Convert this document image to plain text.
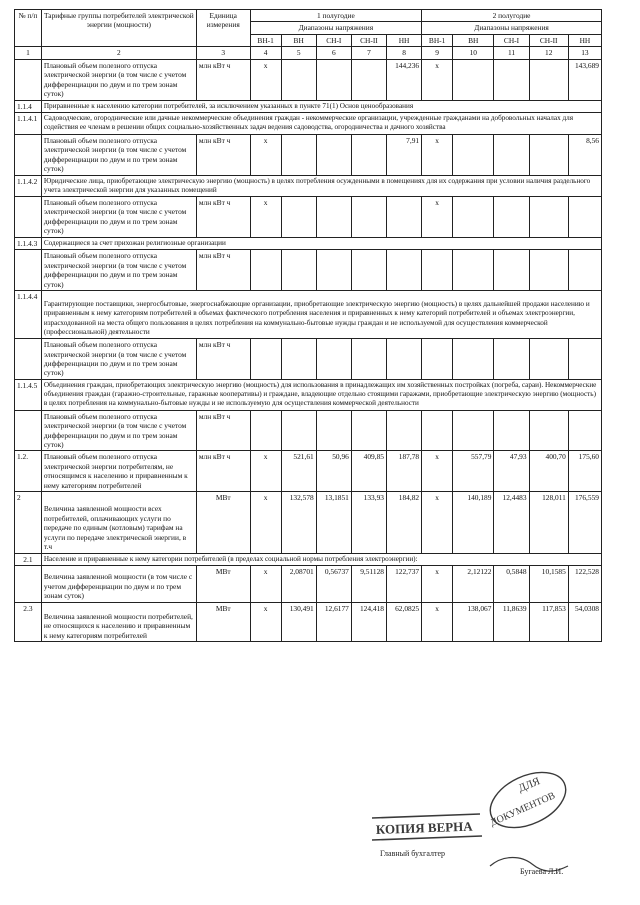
№ п/п	Тарифные группы потребителей электрической энергии (мощности)	Единица измерения	1 полугодие					2 полугодие				
			Диапазоны напряжения					Диапазоны напряжения				
			ВН-1	ВН	СН-I	СН-II	НН	ВН-1	ВН	СН-I	СН-II	НН
1	2	3	4	5	6	7	8	9	10	11	12	13
	Плановый объем полезного отпуска электрической энергии (в том числе с учетом дифференциации по двум и по трем зонам суток)	млн кВт ч	х				144,236	х				143,689
1.1.4	Приравненные к населению категории потребителей, за исключением указанных в пункте 71(1) Основ ценообразования											
1.1.4.1	Садоводческие, огороднические или дачные некоммерческие объединения граждан - некоммерческие организации, учрежденные гражданами на добровольных началах для содействия ее членам в решении общих социально-хозяйственных задач ведения садоводства, огородничества и дачного хозяйства											
	Плановый объем полезного отпуска электрической энергии (в том числе с учетом дифференциации по двум и по трем зонам суток)	млн кВт ч	х				7,91	х				8,56
1.1.4.2	Юридические лица, приобретающие электрическую энергию (мощность) в целях потребления осужденными в помещениях для их содержания при условии наличия раздельного учета электрической энергии для указанных помещений											
	Плановый объем полезного отпуска электрической энергии (в том числе с учетом дифференциации по двум и по трем зонам суток)	млн кВт ч	х					х				
1.1.4.3	Содержащиеся за счет прихожан религиозные организации											
	Плановый объем полезного отпуска электрической энергии (в том числе с учетом дифференциации по двум и по трем зонам суток)	млн кВт ч										
1.1.4.4	Гарантирующие поставщики, энергосбытовые, энергоснабжающие организации, приобретающие электрическую энергию (мощность) в целях дальнейшей продажи населению и приравненным к нему категориям потребителей в объемах фактического потребления населения и приравненных к нему категорий потребителей и объемах электроэнергии, израсходованной на места общего пользования в целях потребления на коммунально-бытовые нужды граждан и не используемой для осуществления коммерческой (профессиональной) деятельности											
	Плановый объем полезного отпуска электрической энергии (в том числе с учетом дифференциации по двум и по трем зонам суток)	млн кВт ч										
1.1.4.5	Объединения граждан, приобретающих электрическую энергию (мощность) для использования в принадлежащих им хозяйственных постройках (погреба, сараи). Некоммерческие объединения граждан (гаражно-строительные, гаражные кооперативы) и граждане, владеющие отдельно стоящими гаражами, приобретающие электрическую энергию (мощность) в целях потребления на коммунально-бытовые нужды и не используемую для осуществления коммерческой деятельности											
	Плановый объем полезного отпуска электрической энергии (в том числе с учетом дифференциации по двум и по трем зонам суток)	млн кВт ч										
1.2.	Плановый объем полезного отпуска электрической энергии потребителям, не относящимся к населению и приравненным к нему категориям потребителей	млн кВт ч	х	521,61	50,96	409,85	187,78	х	557,79	47,93	400,70	175,60
2	Величина заявленной мощности всех потребителей, оплачивающих услуги по передаче по единым (котловым) тарифам на услуги по передаче электрической энергии, в т.ч	МВт	х	132,578	13,1851	133,93	184,82	х	140,189	12,4483	128,011	176,559
2.1	Население и приравненные к нему категории потребителей (в пределах социальной нормы потребления электроэнергии):											
	Величина заявленной мощности (в том числе с учетом дифференциации по двум и по трем зонам суток)	МВт	х	2,08701	0,56737	9,51128	122,737	х	2,12122	0,5848	10,1585	122,528
2.3	Величина заявленной мощности потребителей, не относящихся к населению и приравненным к нему категориям потребителей	МВт	х	130,491	12,6177	124,418	62,0825	х	138,067	11,8639	117,853	54,0308
КОПИЯ ВЕРНА
ДЛЯ
ДОКУМЕНТОВ
Главный бухгалтер
Бугаева Л.И.
